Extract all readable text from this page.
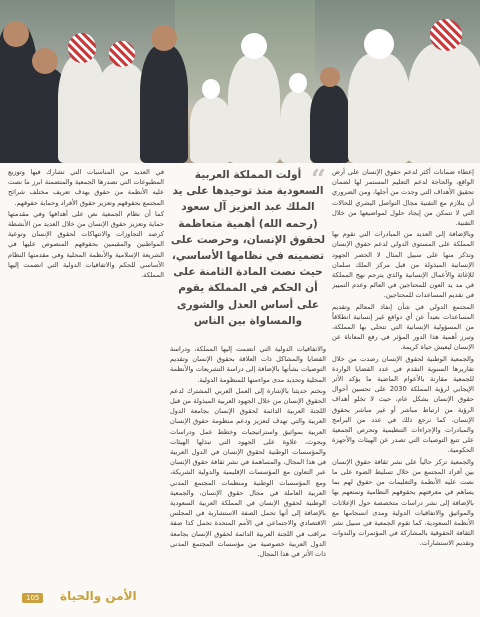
إعطاء ضمانات أكثر لدعم حقوق الإنسان على أرض الواقع، والحاجة لدعم التعليم المستمر لها لضمان تحقيق الأهداف التي وجدت من أجلها، ومن الضروري أن يتلازم مع التقنية مجال التواصل البشري للحالات التي لا تتمكن من إيجاد حلول لمواضيعها من خلال التقنية.

وبالإضافة إلى العديد من المبادرات التي تقوم بها المملكة على المستوى الدولي لدعم حقوق الإنسان وتذكر منها على سبيل المثال لا الحصر الجهود الإنسانية المبذولة من قبل مركز الملك سلمان للإغاثة والأعمال الإنسانية والذي يترجم نهج المملكة في مد يد العون للمحتاجين في العالم وعدم التمييز في تقديم المساعدات للمحتاجين.

المجتمع الدولي في شأن إنفاذ المعالم وتقديم المساعدات بعيداً عن أي دوافع غير إنسانية انطلاقاً من المسؤولية الإنسانية التي تتحلى بها المملكة، وتبرز أهمية هذا الدور المؤثر في رفع المعاناة عن الإنسان ليعيش حياة كريمة.

والجمعية الوطنية لحقوق الإنسان رصدت من خلال تقاريرها السنوية التقدم في عدد القضايا الواردة للجمعية مقارنة بالأعوام الماضية ما يؤكد الأثر الإيجابي لرؤية المملكة 2030 على تحسين أحوال حقوق الإنسان بشكل عام، حيث لا تخلو أهداف الرؤية من ارتباط مباشر أو غير مباشر بحقوق الإنسان، كما نرجع ذلك في عدد من البرامج والمبادرات والإجراءات التنظيمية وتحرص الجمعية على تتبع التوصيات التي تصدر عن الهيئات والأجهزة الحكومية.

والجمعية تركز حالياً على نشر ثقافة حقوق الإنسان بين أفراد المجتمع من خلال تسليط الضوء على ما نصت عليه الأنظمة والتعليمات من حقوق لهم بما يساهم في معرفتهم بحقوقهم النظامية وتمتعهم بها بالإضافة إلى نشر دراسات متخصصة حول الإعلانات والمواثيق والاتفاقيات الدولية ومدى انسجامها مع الأنظمة السعودية، كما تقوم الجمعية في سبيل نشر الثقافة الحقوقية بالمشاركة في المؤتمرات والندوات وتقديم الاستشارات.

“
أولت المملكة العربية السعودية منذ توحيدها على يد الملك عبد العزيز آل سعود (رحمه الله) أهمية متعاظمة لحقوق الإنسان، وحرصت على تضمينه في نظامها الأساسي، حيث نصت المادة الثامنة على أن الحكم في المملكة يقوم على أساس العدل والشورى والمساواة بين الناس

والاتفاقيات الدولية التي انضمت إليها المملكة، ودراسة القضايا والمشاكل ذات العلاقة بحقوق الإنسان وتقديم التوصيات بشأنها بالإضافة إلى دراسة التشريعات والأنظمة المحلية وتحديد مدى مواءمتها للمنظومة الدولية.

ونختم حديثنا بالإشارة إلى العمل العربي المشترك لدعم الحقوق الإنسان من خلال الجهود العربية المبذولة من قبل اللجنة العربية الدائمة لحقوق الإنسان بجامعة الدول العربية والتي تهدف لتعزيز ودعم منظومة حقوق الإنسان العربية بمواثيق واستراتيجيات وخطط عمل ودراسات وبحوث، علاوة على الجهود التي تبذلها الهيئات والمؤسسات الوطنية لحقوق الإنسان في الدول العربية في هذا المجال، والمساهمة في نشر ثقافة حقوق الإنسان عبر التعاون مع المؤسسات الإقليمية والدولية الشريكة، ومع المؤسسات الوطنية ومنظمات المجتمع المدني العربية العاملة في مجال حقوق الإنسان، والجمعية الوطنية لحقوق الإنسان في المملكة العربية السعودية بالإضافة إلى أنها تحمل الصفة الاستشارية في المجلس الاقتصادي والاجتماعي في الأمم المتحدة تحمل كذا صفة مراقب في اللجنة العربية الدائمة لحقوق الإنسان بجامعة الدول العربية خصوصية من مؤسسات المجتمع المدني ذات الأثر في هذا المجال.

في العديد من المناسبات التي تشارك فيها وتوزيع المطبوعات التي تصدرها الجمعية والمتضمنة ابرز ما نصت عليه الأنظمة من حقوق بهدف تعريف مختلف شرائح المجتمع بحقوقهم وتعزيز حقوق الأفراد وحماية حقوقهم.

كما أن نظام الجمعية نص على أهدافها وفي مقدمتها حماية وتعزيز حقوق الإنسان من خلال العديد من الأنشطة كرصد التجاوزات والانتهاكات لحقوق الإنسان وتوعية المواطنين والمقيمين بحقوقهم المنصوص عليها في الشريعة الإسلامية والأنظمة المحلية وفي مقدمتها النظام الأساسي للحكم والاتفاقيات الدولية التي انضمت إليها المملكة.

105	الأمن والحياة
